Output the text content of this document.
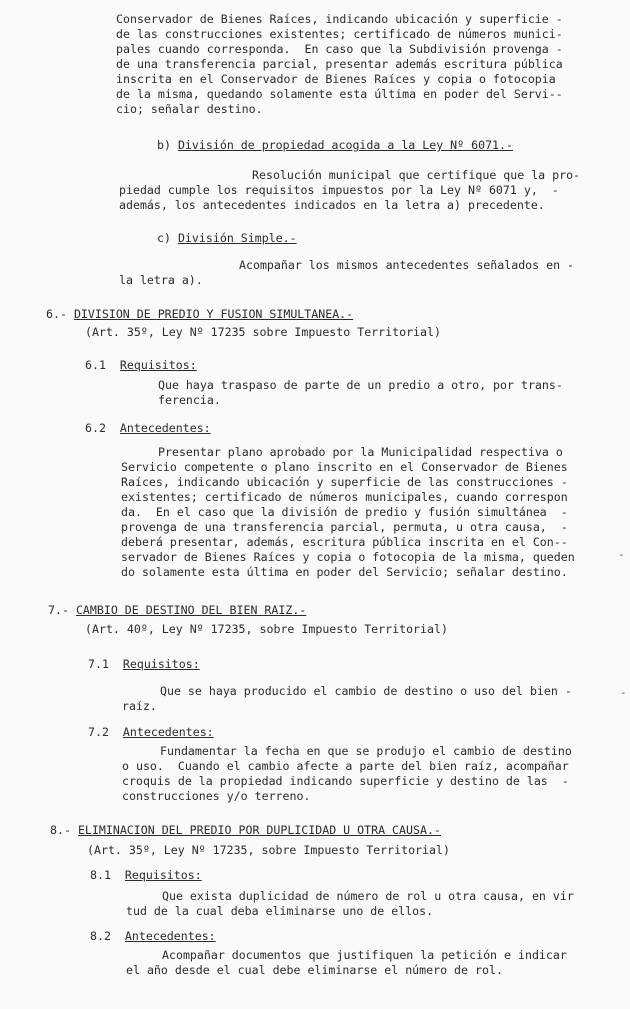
Conservador de Bienes Raíces, indicando ubicación y superficie -
de las construcciones existentes; certificado de números munici-
pales cuando corresponda.  En caso que la Subdivisión provenga -
de una transferencia parcial, presentar además escritura pública
inscrita en el Conservador de Bienes Raíces y copia o fotocopia
de la misma, quedando solamente esta última en poder del Servi--
cio; señalar destino.
b) División de propiedad acogida a la Ley Nº 6071.-
Resolución municipal que certifique que la pro-
piedad cumple los requisitos impuestos por la Ley Nº 6071 y,  -
además, los antecedentes indicados en la letra a) precedente.
c) División Simple.-
Acompañar los mismos antecedentes señalados en -
la letra a).
6.- DIVISION DE PREDIO Y FUSION SIMULTANEA.-
(Art. 35º, Ley Nº 17235 sobre Impuesto Territorial)
6.1 Requisitos:
Que haya traspaso de parte de un predio a otro, por trans-
ferencia.
6.2 Antecedentes:
Presentar plano aprobado por la Municipalidad respectiva o
Servicio competente o plano inscrito en el Conservador de Bienes
Raíces, indicando ubicación y superficie de las construcciones -
existentes; certificado de números municipales, cuando correspon
da.  En el caso que la división de predio y fusión simultánea  -
provenga de una transferencia parcial, permuta, u otra causa,  -
deberá presentar, además, escritura pública inscrita en el Con--
servador de Bienes Raíces y copia o fotocopia de la misma, queden
do solamente esta última en poder del Servicio; señalar destino.
7.- CAMBIO DE DESTINO DEL BIEN RAIZ.-
(Art. 40º, Ley Nº 17235, sobre Impuesto Territorial)
7.1 Requisitos:
Que se haya producido el cambio de destino o uso del bien -
raíz.
7.2 Antecedentes:
Fundamentar la fecha en que se produjo el cambio de destino
o uso.  Cuando el cambio afecte a parte del bien raíz, acompañar
croquis de la propiedad indicando superficie y destino de las  -
construcciones y/o terreno.
8.- ELIMINACION DEL PREDIO POR DUPLICIDAD U OTRA CAUSA.-
(Art. 35º, Ley Nº 17235, sobre Impuesto Territorial)
8.1 Requisitos:
Que exista duplicidad de número de rol u otra causa, en vir
tud de la cual deba eliminarse uno de ellos.
8.2 Antecedentes:
Acompañar documentos que justifiquen la petición e indicar
el año desde el cual debe eliminarse el número de rol.
-
-
